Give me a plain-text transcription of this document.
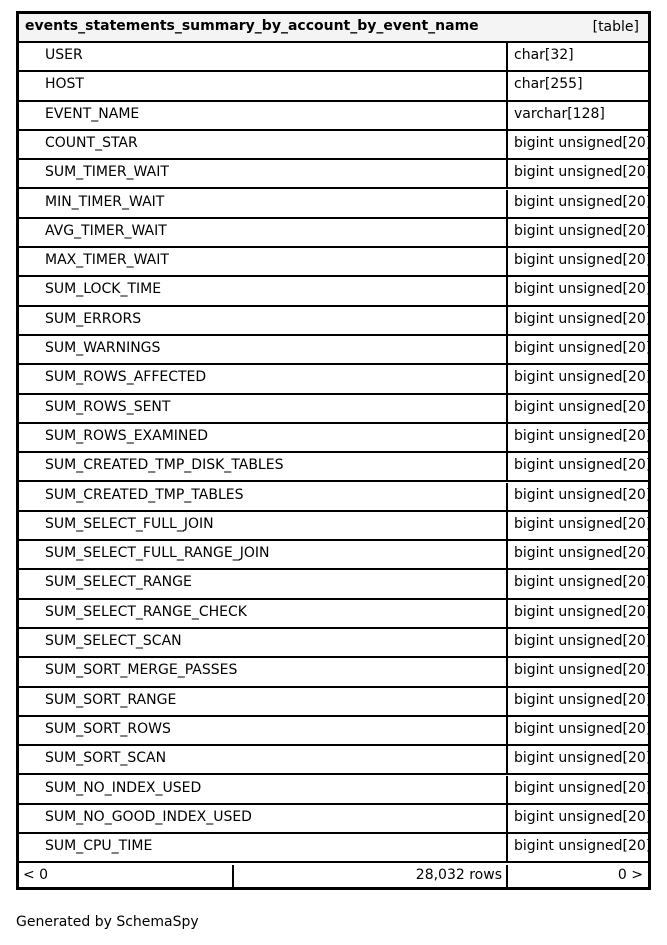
events_statements_summary_by_account_by_event_name	[table]
USER	char[32]
HOST	char[255]
EVENT_NAME	varchar[128]
COUNT_STAR	bigint unsigned[20]
SUM_TIMER_WAIT	bigint unsigned[20]
MIN_TIMER_WAIT	bigint unsigned[20]
AVG_TIMER_WAIT	bigint unsigned[20]
MAX_TIMER_WAIT	bigint unsigned[20]
SUM_LOCK_TIME	bigint unsigned[20]
SUM_ERRORS	bigint unsigned[20]
SUM_WARNINGS	bigint unsigned[20]
SUM_ROWS_AFFECTED	bigint unsigned[20]
SUM_ROWS_SENT	bigint unsigned[20]
SUM_ROWS_EXAMINED	bigint unsigned[20]
SUM_CREATED_TMP_DISK_TABLES	bigint unsigned[20]
SUM_CREATED_TMP_TABLES	bigint unsigned[20]
SUM_SELECT_FULL_JOIN	bigint unsigned[20]
SUM_SELECT_FULL_RANGE_JOIN	bigint unsigned[20]
SUM_SELECT_RANGE	bigint unsigned[20]
SUM_SELECT_RANGE_CHECK	bigint unsigned[20]
SUM_SELECT_SCAN	bigint unsigned[20]
SUM_SORT_MERGE_PASSES	bigint unsigned[20]
SUM_SORT_RANGE	bigint unsigned[20]
SUM_SORT_ROWS	bigint unsigned[20]
SUM_SORT_SCAN	bigint unsigned[20]
SUM_NO_INDEX_USED	bigint unsigned[20]
SUM_NO_GOOD_INDEX_USED	bigint unsigned[20]
SUM_CPU_TIME	bigint unsigned[20]
< 0	28,032 rows	0 >
Generated by SchemaSpy
